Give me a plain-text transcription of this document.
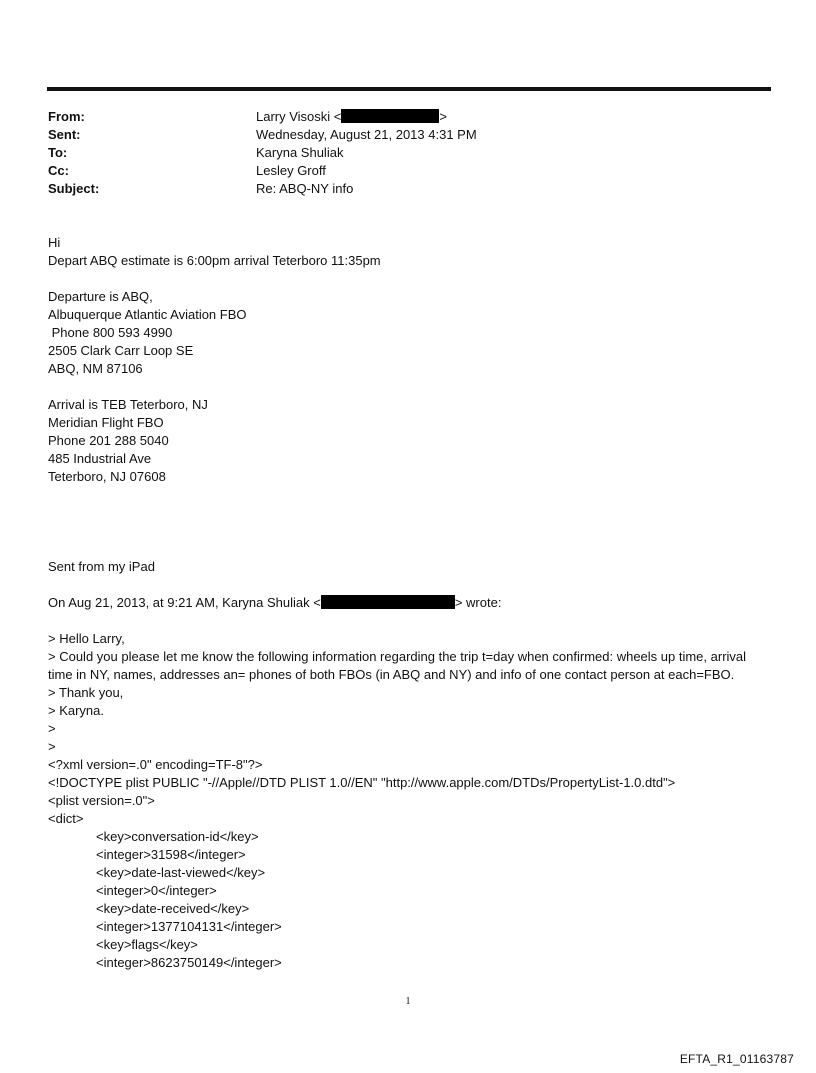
From:	Larry Visoski <	>
Sent:	Wednesday, August 21, 2013 4:31 PM
To:	Karyna Shuliak
Cc:	Lesley Groff
Subject:	Re: ABQ-NY info
Hi
Depart ABQ estimate is 6:00pm arrival Teterboro 11:35pm
Departure is ABQ,
Albuquerque Atlantic Aviation FBO
Phone 800 593 4990
2505 Clark Carr Loop SE
ABQ, NM 87106
Arrival is TEB Teterboro, NJ
Meridian Flight FBO
Phone 201 288 5040
485 Industrial Ave
Teterboro, NJ 07608
Sent from my iPad
On Aug 21, 2013, at 9:21 AM, Karyna Shuliak <	> wrote:
> Hello Larry,
> Could you please let me know the following information regarding the trip t=day when confirmed: wheels up time, arrival time in NY, names, addresses an= phones of both FBOs (in ABQ and NY) and info of one contact person at each=FBO.
> Thank you,
> Karyna.
>
>
<?xml version=.0" encoding=TF-8"?>
<!DOCTYPE plist PUBLIC "-//Apple//DTD PLIST 1.0//EN" "http://www.apple.com/DTDs/PropertyList-1.0.dtd">
<plist version=.0">
<dict>
<key>conversation-id</key>
<integer>31598</integer>
<key>date-last-viewed</key>
<integer>0</integer>
<key>date-received</key>
<integer>1377104131</integer>
<key>flags</key>
<integer>8623750149</integer>
1
EFTA_R1_01163787
